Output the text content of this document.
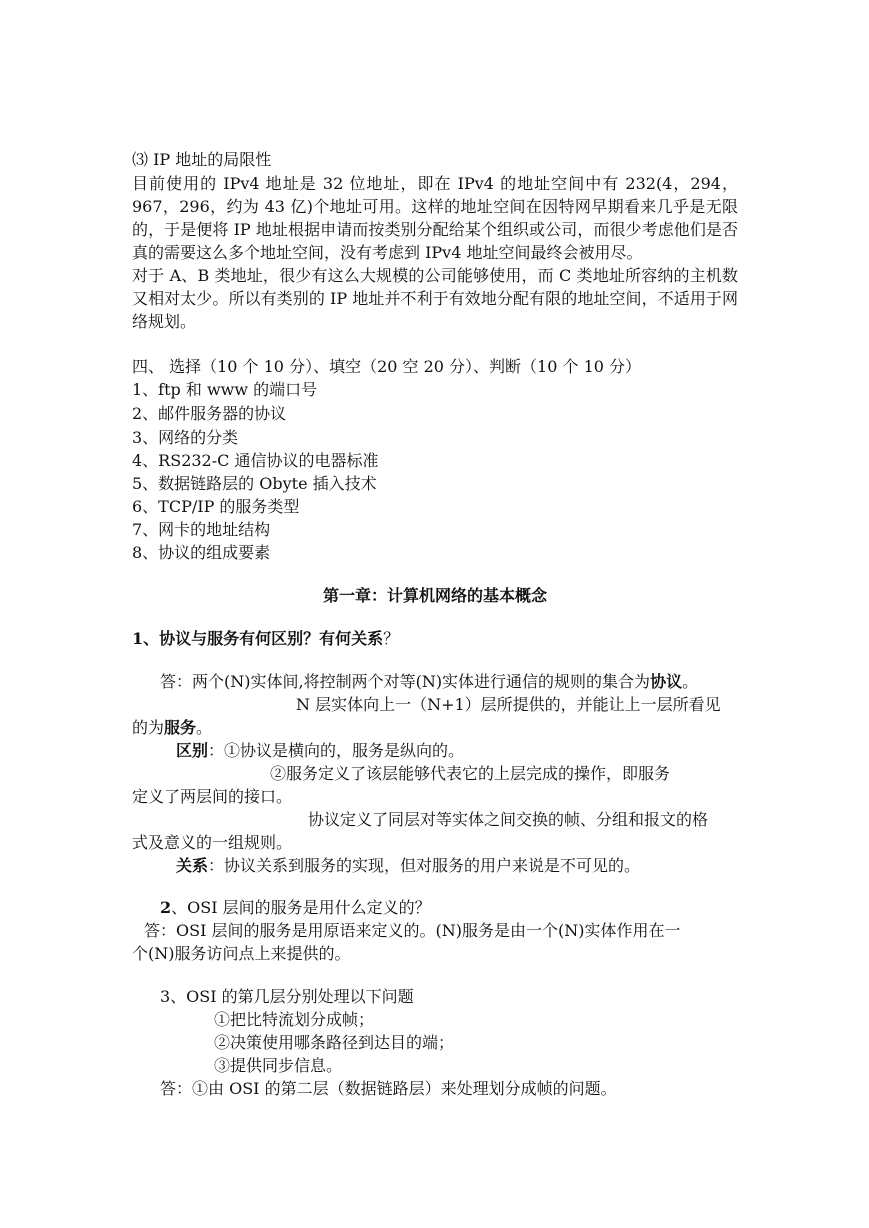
⑶ IP 地址的局限性
目前使用的 IPv4 地址是 32 位地址，即在 IPv4 的地址空间中有 232(4，294，967，296，约为 43 亿)个地址可用。这样的地址空间在因特网早期看来几乎是无限的，于是便将 IP 地址根据申请而按类别分配给某个组织或公司，而很少考虑他们是否真的需要这么多个地址空间，没有考虑到 IPv4 地址空间最终会被用尽。
对于 A、B 类地址，很少有这么大规模的公司能够使用，而 C 类地址所容纳的主机数又相对太少。所以有类别的 IP 地址并不利于有效地分配有限的地址空间，不适用于网络规划。
四、 选择（10 个 10 分）、填空（20 空 20 分）、判断（10 个 10 分）
1、ftp 和 www 的端口号
2、邮件服务器的协议
3、网络的分类
4、RS232-C 通信协议的电器标准
5、数据链路层的 Obyte 插入技术
6、TCP/IP 的服务类型
7、网卡的地址结构
8、协议的组成要素
第一章：计算机网络的基本概念
1、协议与服务有何区别？有何关系？
答：两个(N)实体间,将控制两个对等(N)实体进行通信的规则的集合为协议。
N 层实体向上一（N+1）层所提供的，并能让上一层所看见
的为服务。
区别：①协议是横向的，服务是纵向的。
②服务定义了该层能够代表它的上层完成的操作，即服务
定义了两层间的接口。
协议定义了同层对等实体之间交换的帧、分组和报文的格
式及意义的一组规则。
关系：协议关系到服务的实现，但对服务的用户来说是不可见的。
2、OSI 层间的服务是用什么定义的？
答：OSI 层间的服务是用原语来定义的。(N)服务是由一个(N)实体作用在一
个(N)服务访问点上来提供的。
3、OSI 的第几层分别处理以下问题
①把比特流划分成帧；
②决策使用哪条路径到达目的端；
③提供同步信息。
答：①由 OSI 的第二层（数据链路层）来处理划分成帧的问题。
